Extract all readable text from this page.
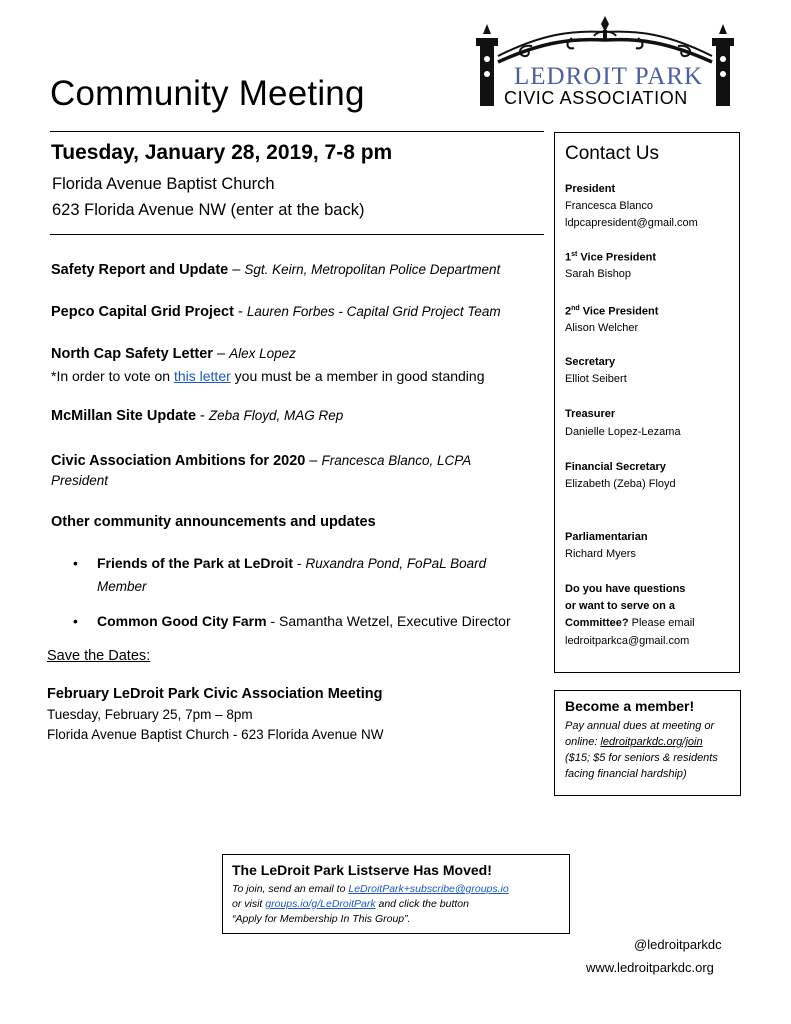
Community Meeting	LEDROIT PARK
CIVIC ASSOCIATION
Tuesday, January 28, 2019, 7-8 pm
Florida Avenue Baptist Church
623 Florida Avenue NW (enter at the back)
Safety Report and Update – Sgt. Keirn, Metropolitan Police Department
Pepco Capital Grid Project - Lauren Forbes - Capital Grid Project Team
North Cap Safety Letter – Alex Lopez
*In order to vote on this letter you must be a member in good standing
McMillan Site Update - Zeba Floyd, MAG Rep
Civic Association Ambitions for 2020 – Francesca Blanco, LCPA
President
Other community announcements and updates
• Friends of the Park at LeDroit - Ruxandra Pond, FoPaL Board
Member
• Common Good City Farm - Samantha Wetzel, Executive Director
Save the Dates:
February LeDroit Park Civic Association Meeting
Tuesday, February 25, 7pm – 8pm
Florida Avenue Baptist Church - 623 Florida Avenue NW
Contact Us
President
Francesca Blanco
ldpcapresident@gmail.com
1st Vice President
Sarah Bishop
2nd Vice President
Alison Welcher
Secretary
Elliot Seibert
Treasurer
Danielle Lopez-Lezama
Financial Secretary
Elizabeth (Zeba) Floyd
Parliamentarian
Richard Myers
Do you have questions
or want to serve on a
Committee? Please email
ledroitparkca@gmail.com
Become a member!
Pay annual dues at meeting or
online: ledroitparkdc.org/join
($15; $5 for seniors & residents
facing financial hardship)
The LeDroit Park Listserve Has Moved!
To join, send an email to LeDroitPark+subscribe@groups.io
or visit groups.io/g/LeDroitPark and click the button
“Apply for Membership In This Group”.
@ledroitparkdc
www.ledroitparkdc.org
